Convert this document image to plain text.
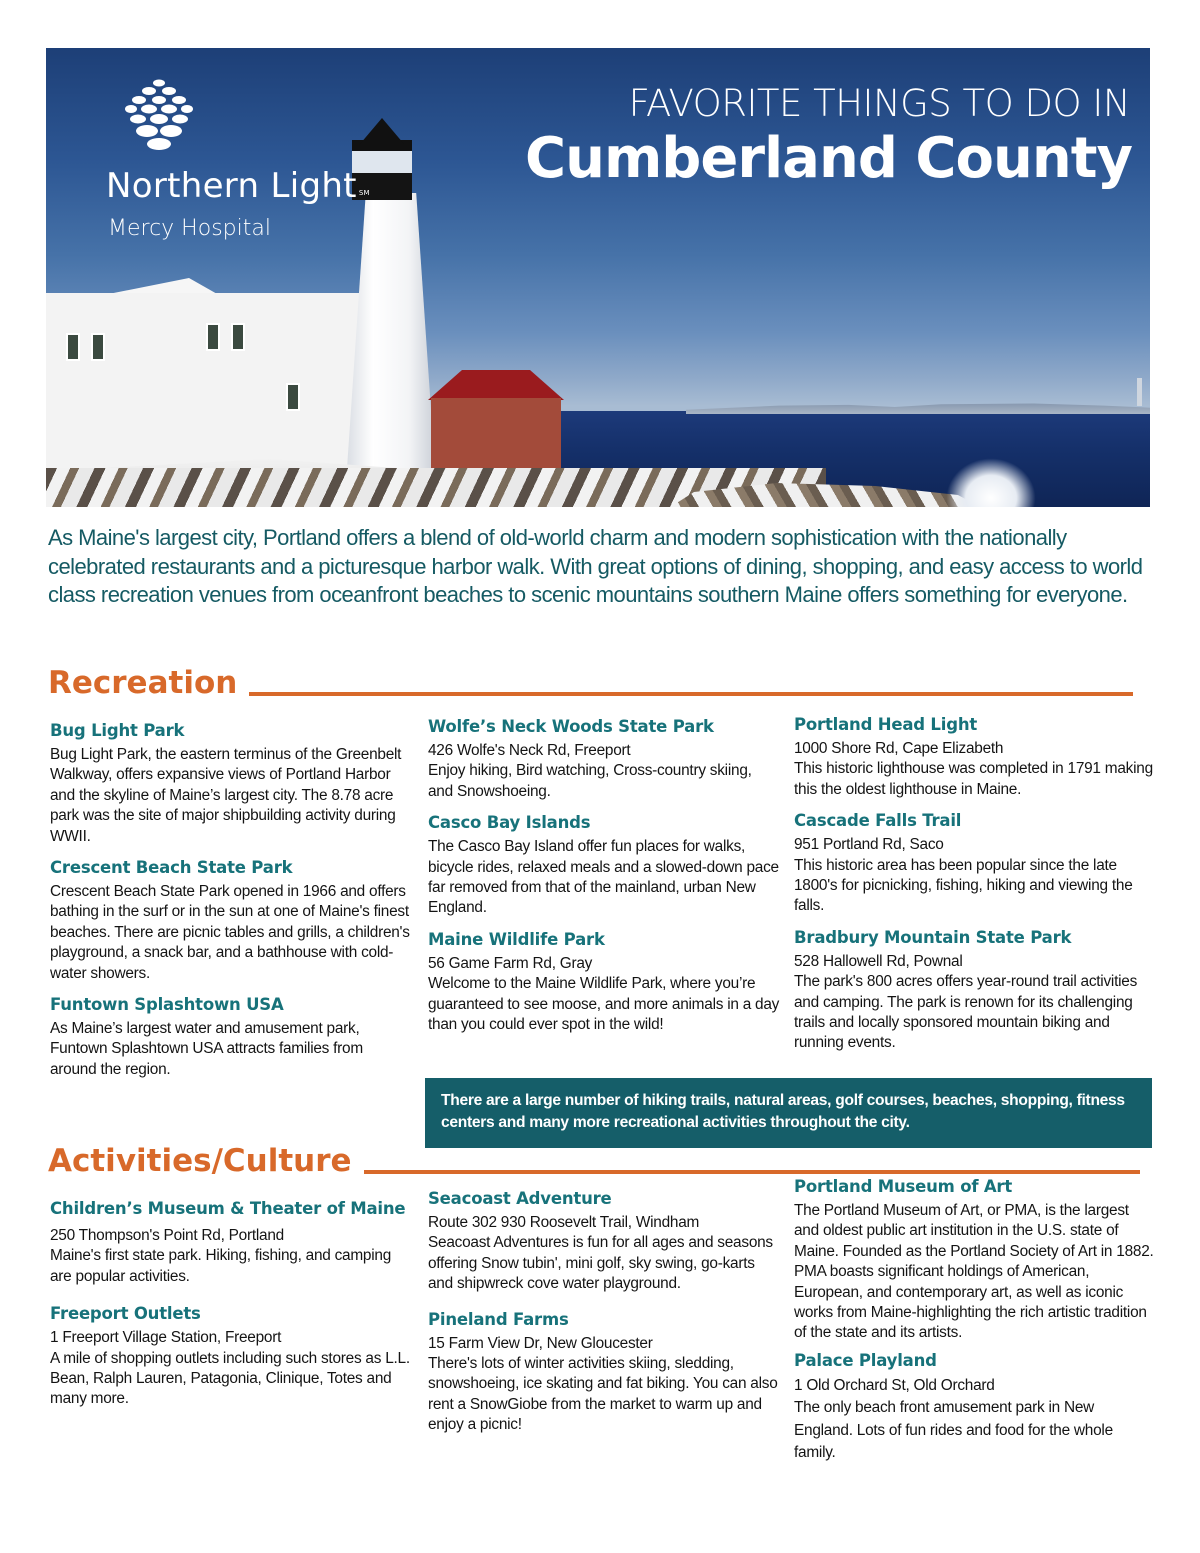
Northern Light SM
Mercy Hospital
FAVORITE THINGS TO DO IN
Cumberland County

As Maine's largest city, Portland offers a blend of old-world charm and modern sophistication with the nationally celebrated restaurants and a picturesque harbor walk. With great options of dining, shopping, and easy access to world class recreation venues from oceanfront beaches to scenic mountains southern Maine offers something for everyone.

Recreation
Bug Light Park

Bug Light Park, the eastern terminus of the Greenbelt Walkway, offers expansive views of Portland Harbor and the skyline of Maine’s largest city. The 8.78 acre park was the site of major shipbuilding activity during WWII.

Crescent Beach State Park

Crescent Beach State Park opened in 1966 and offers bathing in the surf or in the sun at one of Maine's finest beaches. There are picnic tables and grills, a children's playground, a snack bar, and a bathhouse with cold-water showers.

Funtown Splashtown USA

As Maine’s largest water and amusement park, Funtown Splashtown USA attracts families from around the region.

Wolfe’s Neck Woods State Park

426 Wolfe's Neck Rd, Freeport
Enjoy hiking, Bird watching, Cross-country skiing, and Snowshoeing.

Casco Bay Islands

The Casco Bay Island offer fun places for walks, bicycle rides, relaxed meals and a slowed-down pace far removed from that of the mainland, urban New England.

Maine Wildlife Park

56 Game Farm Rd, Gray
Welcome to the Maine Wildlife Park, where you’re guaranteed to see moose, and more animals in a day than you could ever spot in the wild!

Portland Head Light

1000 Shore Rd, Cape Elizabeth
This historic lighthouse was completed in 1791 making this the oldest lighthouse in Maine.

Cascade Falls Trail

951 Portland Rd, Saco
This historic area has been popular since the late 1800's for picnicking, fishing, hiking and viewing the falls.

Bradbury Mountain State Park

528 Hallowell Rd, Pownal
The park's 800 acres offers year-round trail activities and camping. The park is renown for its challenging trails and locally sponsored mountain biking and running events.

There are a large number of hiking trails, natural areas, golf courses, beaches, shopping, fitness centers and many more recreational activities throughout the city.
Activities/Culture
Children’s Museum & Theater of Maine

250 Thompson's Point Rd, Portland
Maine's first state park. Hiking, fishing, and camping are popular activities.

Freeport Outlets

1 Freeport Village Station, Freeport
A mile of shopping outlets including such stores as L.L. Bean, Ralph Lauren, Patagonia, Clinique, Totes and many more.

Seacoast Adventure

Route 302 930 Roosevelt Trail, Windham
Seacoast Adventures is fun for all ages and seasons offering Snow tubin', mini golf, sky swing, go-karts and shipwreck cove water playground.

Pineland Farms

15 Farm View Dr, New Gloucester
There's lots of winter activities skiing, sledding, snowshoeing, ice skating and fat biking. You can also rent a SnowGiobe from the market to warm up and enjoy a picnic!

Portland Museum of Art

The Portland Museum of Art, or PMA, is the largest and oldest public art institution in the U.S. state of Maine. Founded as the Portland Society of Art in 1882. PMA boasts significant holdings of American, European, and contemporary art, as well as iconic works from Maine-highlighting the rich artistic tradition of the state and its artists.

Palace Playland

1 Old Orchard St, Old Orchard
The only beach front amusement park in New England. Lots of fun rides and food for the whole family.
